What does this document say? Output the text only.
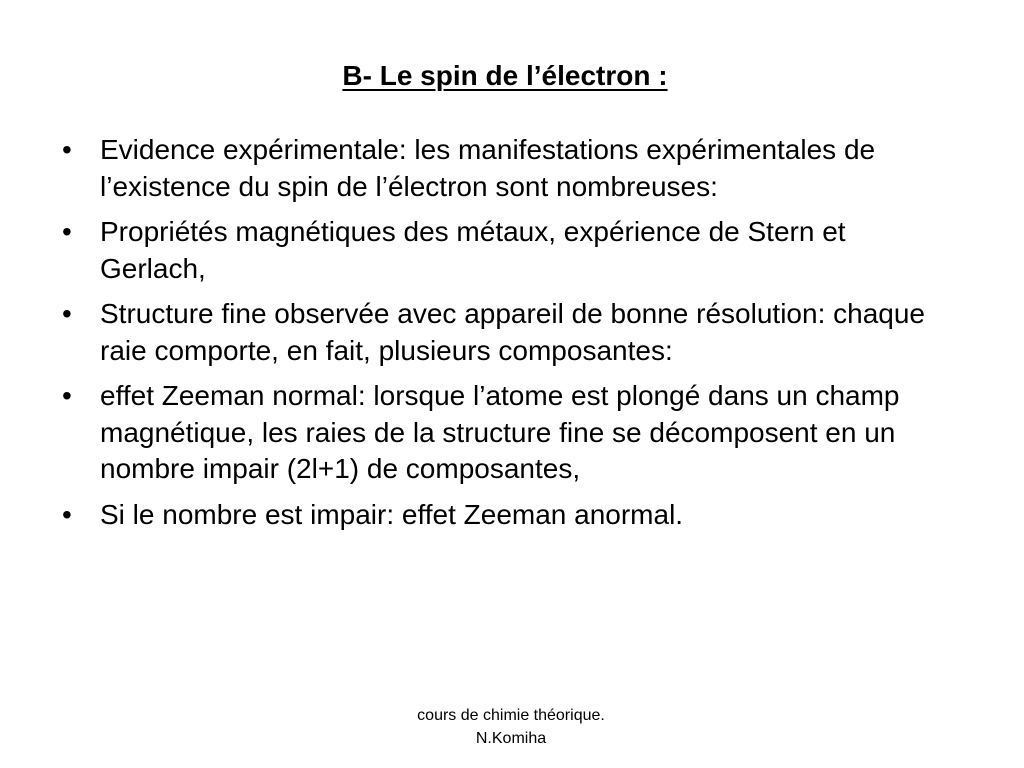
B- Le spin de l’électron :
•	Evidence expérimentale: les manifestations expérimentales de l’existence du spin de l’électron sont nombreuses:
•	Propriétés magnétiques des métaux, expérience de Stern et Gerlach,
•	Structure fine observée avec appareil de bonne résolution: chaque raie comporte, en fait, plusieurs composantes:
•	effet Zeeman normal: lorsque l’atome est plongé dans un champ magnétique, les raies de la structure fine se décomposent en un nombre impair (2l+1) de composantes,
•	Si le nombre est impair: effet Zeeman anormal.
cours de chimie théorique.
N.Komiha
